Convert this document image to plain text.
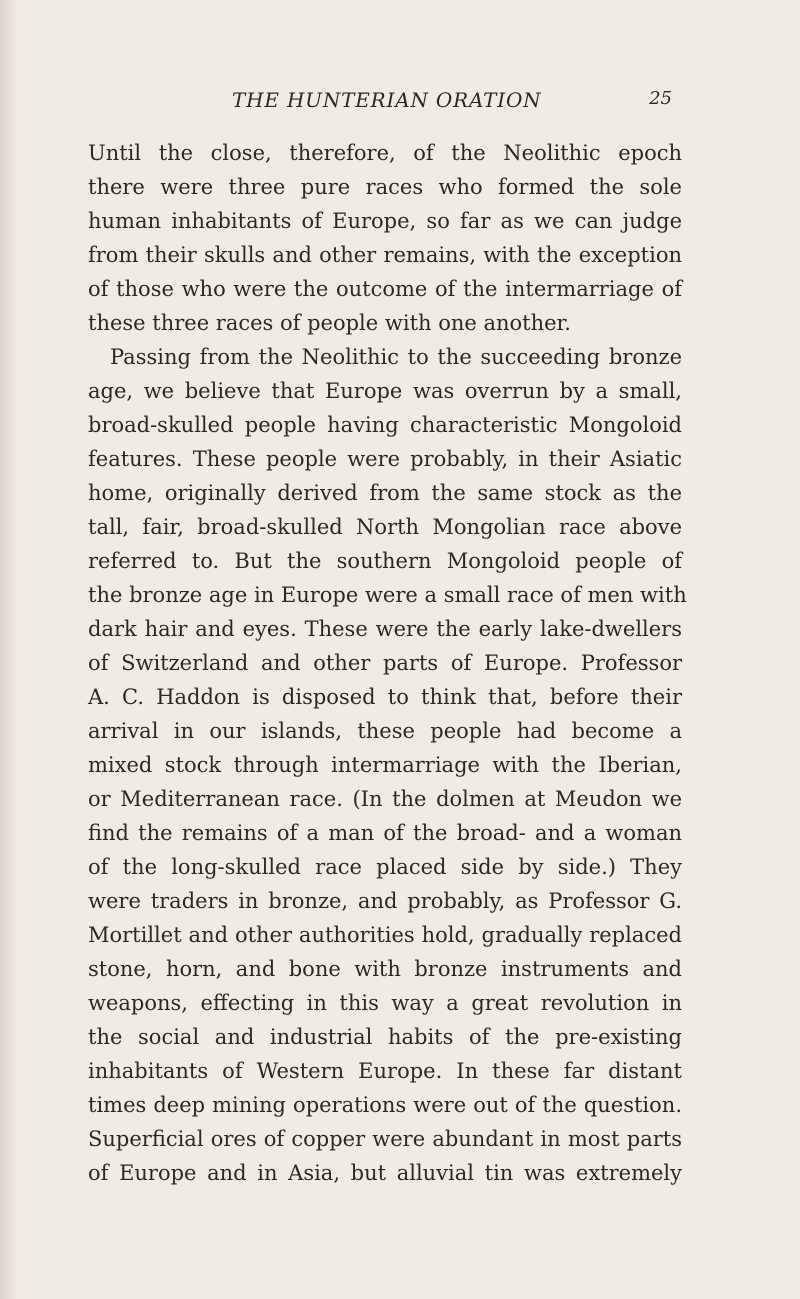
THE HUNTERIAN ORATION	25
Until the close, therefore, of the Neolithic epoch
there were three pure races who formed the sole
human inhabitants of Europe, so far as we can judge
from their skulls and other remains, with the exception
of those who were the outcome of the intermarriage of
these three races of people with one another.
Passing from the Neolithic to the succeeding bronze
age, we believe that Europe was overrun by a small,
broad-skulled people having characteristic Mongoloid
features. These people were probably, in their Asiatic
home, originally derived from the same stock as the
tall, fair, broad-skulled North Mongolian race above
referred to. But the southern Mongoloid people of
the bronze age in Europe were a small race of men with
dark hair and eyes. These were the early lake-dwellers
of Switzerland and other parts of Europe. Professor
A. C. Haddon is disposed to think that, before their
arrival in our islands, these people had become a
mixed stock through intermarriage with the Iberian,
or Mediterranean race. (In the dolmen at Meudon we
find the remains of a man of the broad- and a woman
of the long-skulled race placed side by side.) They
were traders in bronze, and probably, as Professor G.
Mortillet and other authorities hold, gradually replaced
stone, horn, and bone with bronze instruments and
weapons, effecting in this way a great revolution in
the social and industrial habits of the pre-existing
inhabitants of Western Europe. In these far distant
times deep mining operations were out of the question.
Superficial ores of copper were abundant in most parts
of Europe and in Asia, but alluvial tin was extremely
